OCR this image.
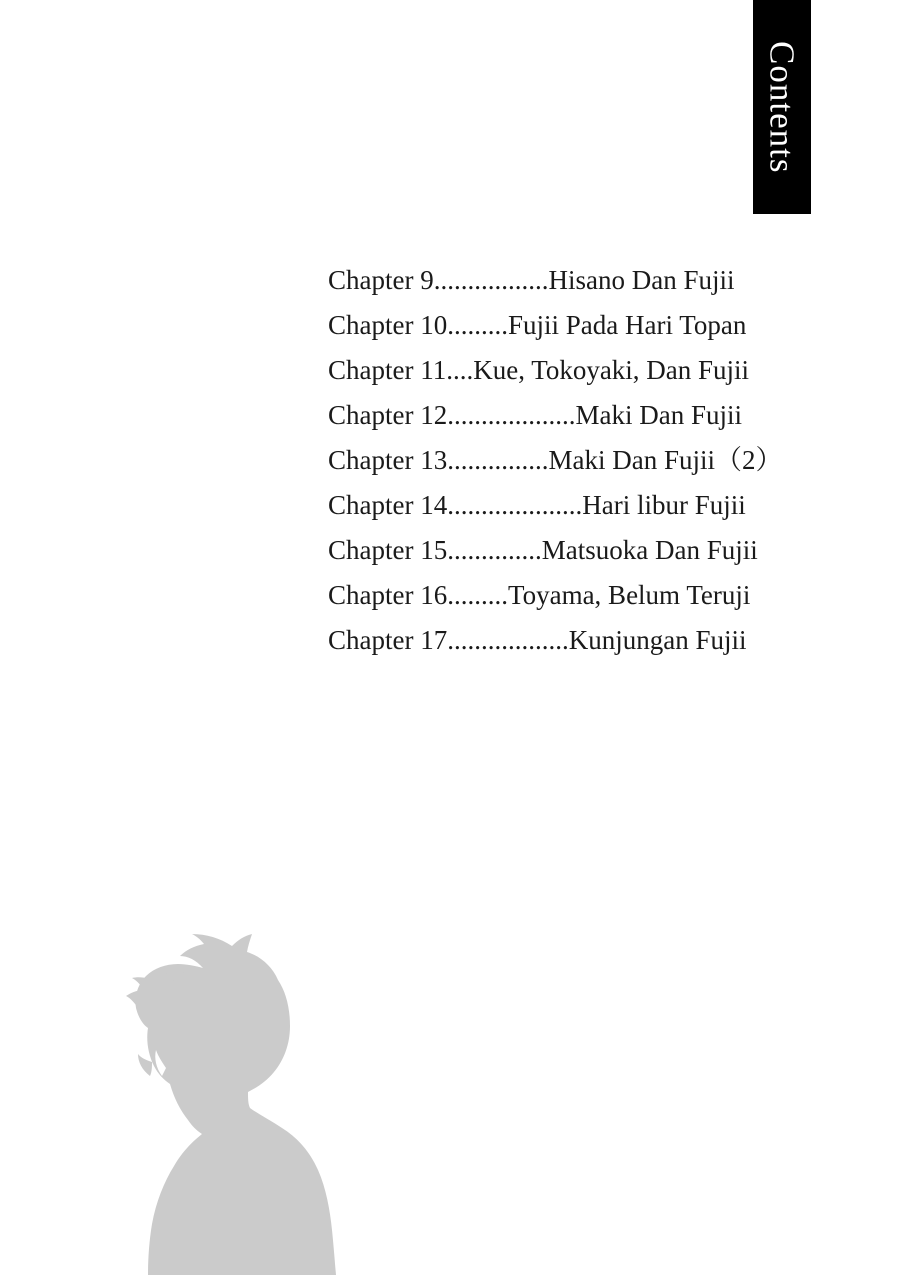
Contents
Chapter 9.................Hisano Dan Fujii
Chapter 10.........Fujii Pada Hari Topan
Chapter 11....Kue, Tokoyaki, Dan Fujii
Chapter 12...................Maki Dan Fujii
Chapter 13...............Maki Dan Fujii（2）
Chapter 14....................Hari libur Fujii
Chapter 15..............Matsuoka Dan Fujii
Chapter 16.........Toyama, Belum Teruji
Chapter 17..................Kunjungan Fujii
